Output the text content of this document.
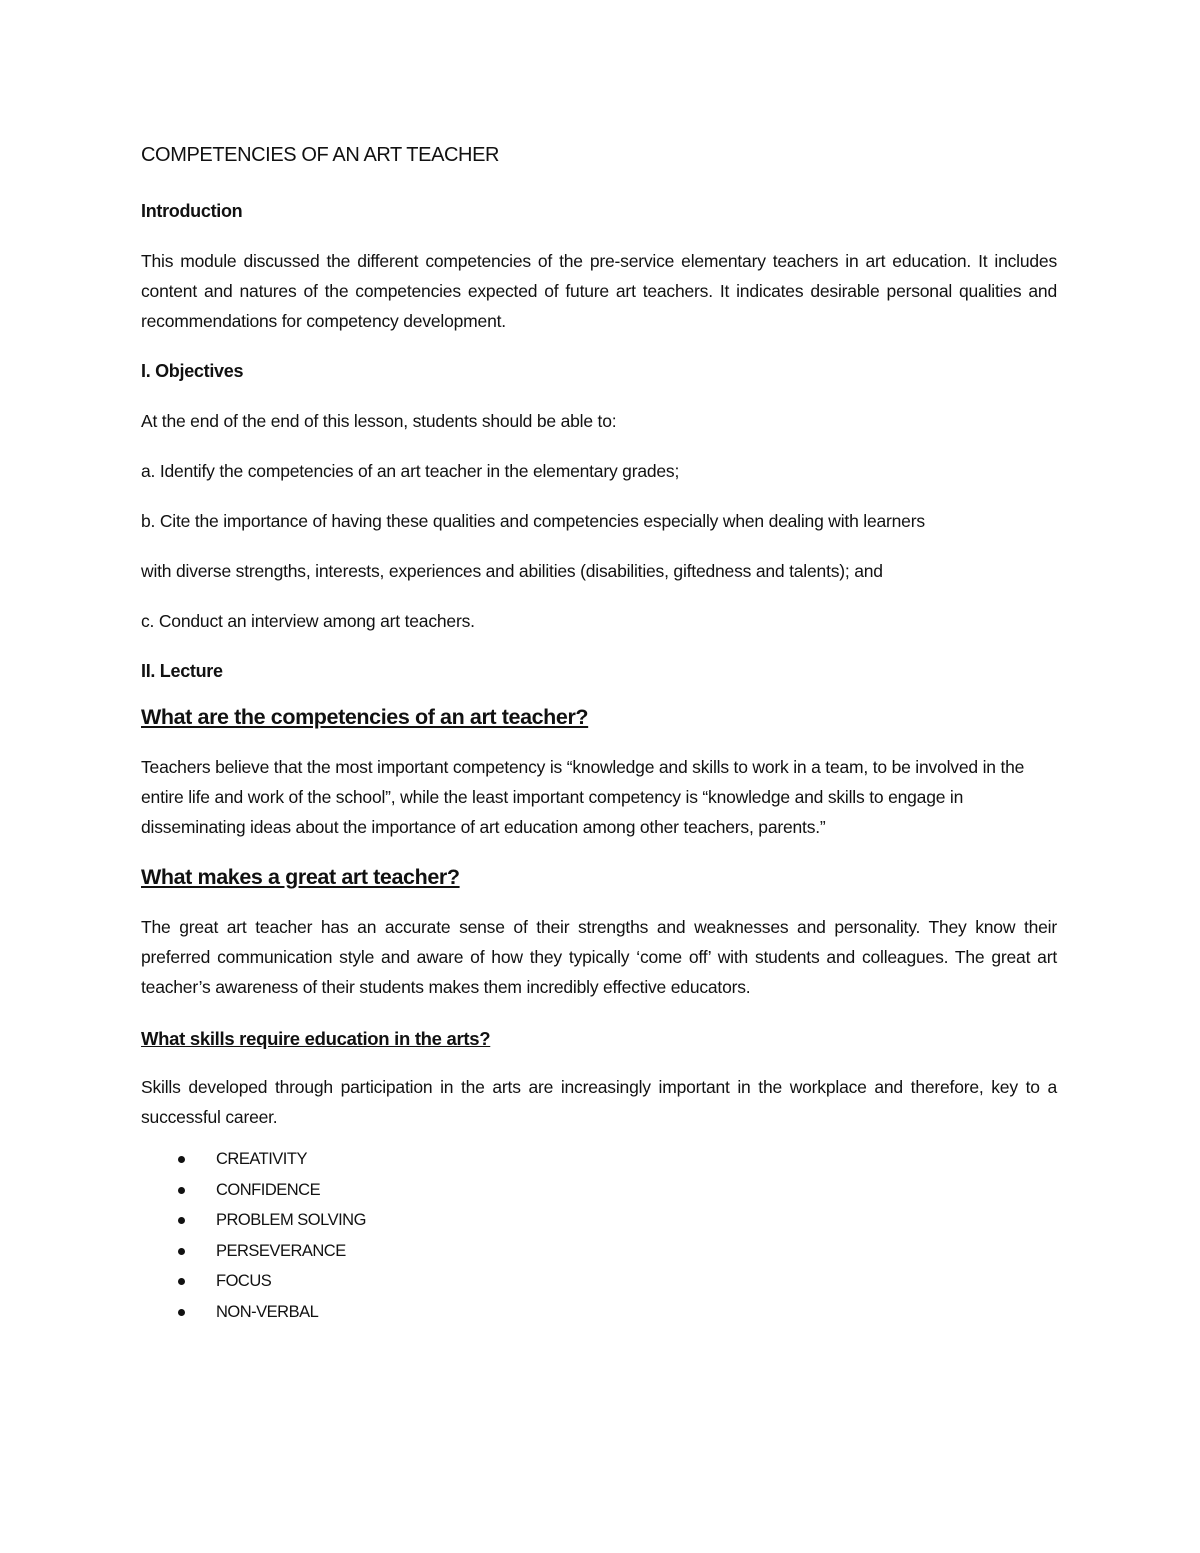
COMPETENCIES OF AN ART TEACHER
Introduction

This module discussed the different competencies of the pre-service elementary teachers in art education. It includes content and natures of the competencies expected of future art teachers. It indicates desirable personal qualities and recommendations for competency development.

I. Objectives

At the end of the end of this lesson, students should be able to:

a. Identify the competencies of an art teacher in the elementary grades;

b. Cite the importance of having these qualities and competencies especially when dealing with learners

with diverse strengths, interests, experiences and abilities (disabilities, giftedness and talents); and

c. Conduct an interview among art teachers.

II. Lecture
What are the competencies of an art teacher?

Teachers believe that the most important competency is “knowledge and skills to work in a team, to be involved in the entire life and work of the school”, while the least important competency is “knowledge and skills to engage in disseminating ideas about the importance of art education among other teachers, parents.”

What makes a great art teacher?

The great art teacher has an accurate sense of their strengths and weaknesses and personality. They know their preferred communication style and aware of how they typically ‘come off’ with students and colleagues. The great art teacher’s awareness of their students makes them incredibly effective educators.

What skills require education in the arts?

Skills developed through participation in the arts are increasingly important in the workplace and therefore, key to a successful career.

CREATIVITY
CONFIDENCE
PROBLEM SOLVING
PERSEVERANCE
FOCUS
NON-VERBAL
